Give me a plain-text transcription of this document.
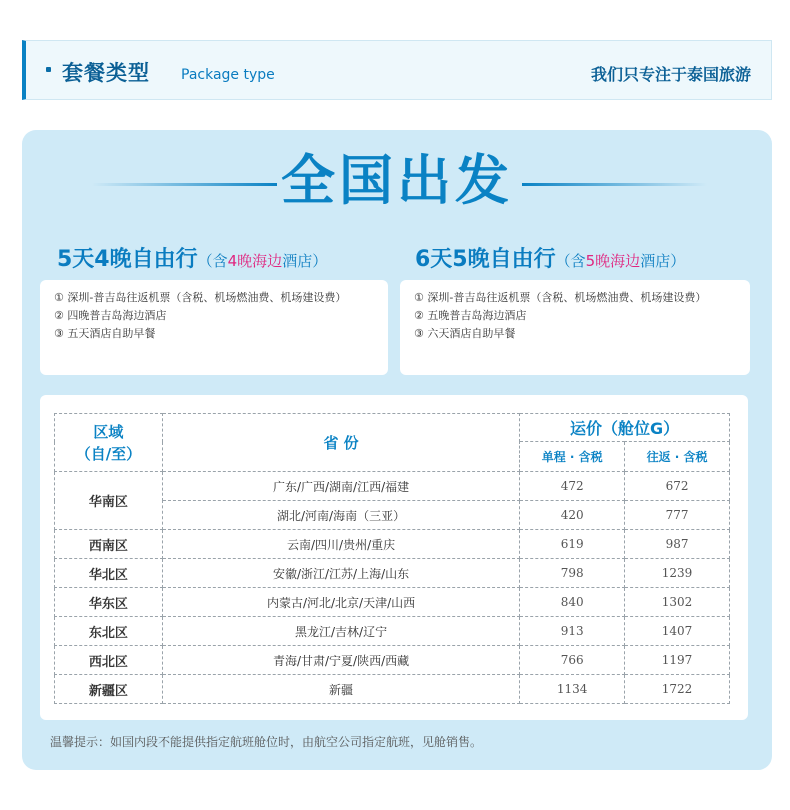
套餐类型 Package type	我们只专注于泰国旅游
全国出发
5天4晚自由行（含4晚海边酒店）	6天5晚自由行（含5晚海边酒店）
① 深圳-普吉岛往返机票（含税、机场燃油费、机场建设费）
② 四晚普吉岛海边酒店
③ 五天酒店自助早餐
① 深圳-普吉岛往返机票（含税、机场燃油费、机场建设费）
② 五晚普吉岛海边酒店
③ 六天酒店自助早餐
区域
（自/至）	省 份	运价（舱位G）	
		单程 · 含税	往返 · 含税
华南区	广东/广西/湖南/江西/福建	472	672
	湖北/河南/海南（三亚）	420	777
西南区	云南/四川/贵州/重庆	619	987
华北区	安徽/浙江/江苏/上海/山东	798	1239
华东区	内蒙古/河北/北京/天津/山西	840	1302
东北区	黑龙江/吉林/辽宁	913	1407
西北区	青海/甘肃/宁夏/陕西/西藏	766	1197
新疆区	新疆	1134	1722
温馨提示：如国内段不能提供指定航班舱位时，由航空公司指定航班，见舱销售。
